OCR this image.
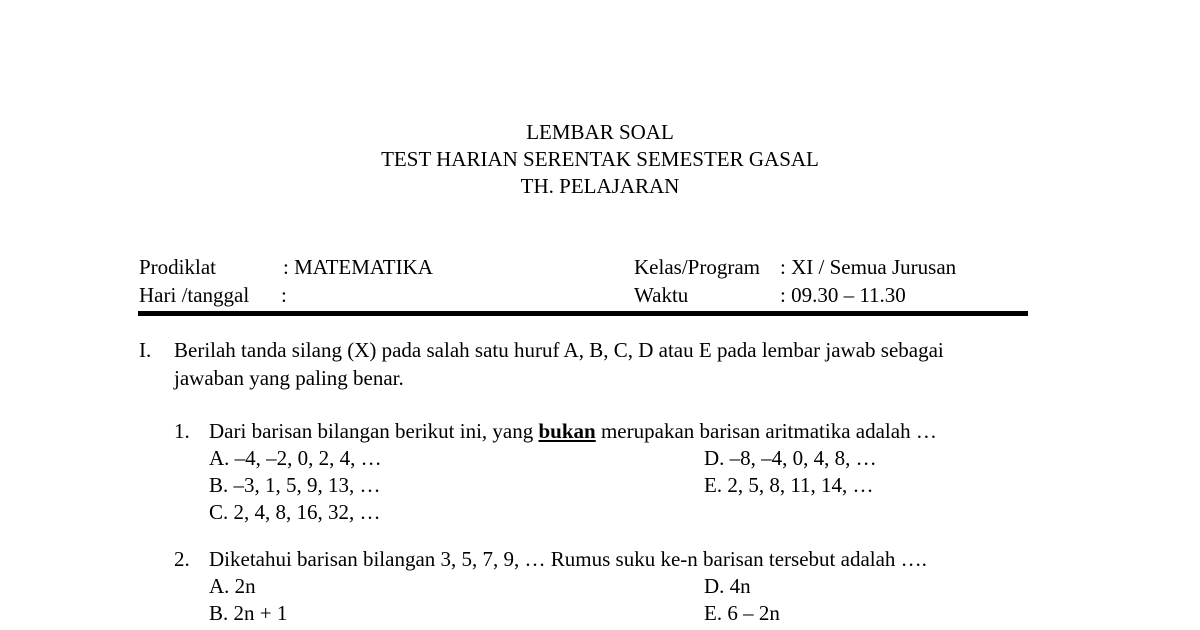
LEMBAR SOAL
TEST HARIAN SERENTAK SEMESTER GASAL
TH. PELAJARAN
Prodiklat	: MATEMATIKA
Hari /tanggal :
Kelas/Program : XI / Semua Jurusan
Waktu	: 09.30 – 11.30
I. Berilah tanda silang (X) pada salah satu huruf A, B, C, D atau E pada lembar jawab sebagai
jawaban yang paling benar.
1. Dari barisan bilangan berikut ini, yang bukan merupakan barisan aritmatika adalah …
A. –4, –2, 0, 2, 4, …
B. –3, 1, 5, 9, 13, …
C. 2, 4, 8, 16, 32, …
D. –8, –4, 0, 4, 8, …
E. 2, 5, 8, 11, 14, …
2. Diketahui barisan bilangan 3, 5, 7, 9, … Rumus suku ke-n barisan tersebut adalah ….
A. 2n
B. 2n + 1
D. 4n
E. 6 – 2n
